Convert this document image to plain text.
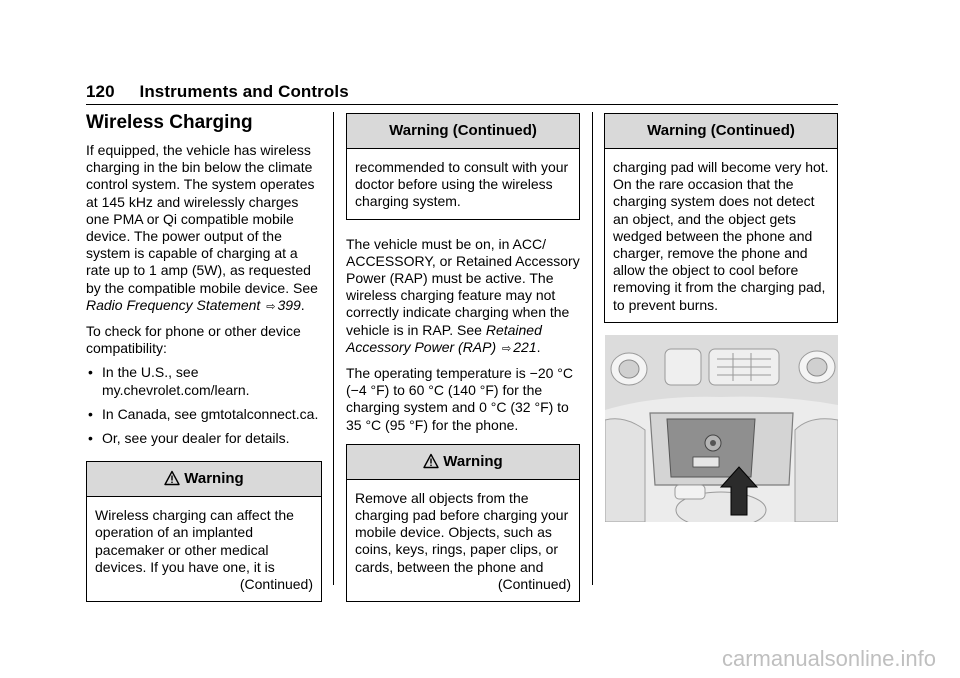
120 Instruments and Controls
Wireless Charging

If equipped, the vehicle has wireless charging in the bin below the climate control system. The system operates at 145 kHz and wirelessly charges one PMA or Qi compatible mobile device. The power output of the system is capable of charging at a rate up to 1 amp (5W), as requested by the compatible mobile device. See Radio Frequency Statement ⇨ 399.

To check for phone or other device compatibility:

• In the U.S., see my.chevrolet.com/learn.
• In Canada, see gmtotalconnect.ca.
• Or, see your dealer for details.
Warning

Wireless charging can affect the operation of an implanted pacemaker or other medical devices. If you have one, it is

(Continued)
Warning (Continued)

recommended to consult with your doctor before using the wireless charging system.

The vehicle must be on, in ACC/ ACCESSORY, or Retained Accessory Power (RAP) must be active. The wireless charging feature may not correctly indicate charging when the vehicle is in RAP. See Retained Accessory Power (RAP) ⇨ 221.

The operating temperature is −20 °C (−4 °F) to 60 °C (140 °F) for the charging system and 0 °C (32 °F) to 35 °C (95 °F) for the phone.

Warning

Remove all objects from the charging pad before charging your mobile device. Objects, such as coins, keys, rings, paper clips, or cards, between the phone and

(Continued)
Warning (Continued)

charging pad will become very hot. On the rare occasion that the charging system does not detect an object, and the object gets wedged between the phone and charger, remove the phone and allow the object to cool before removing it from the charging pad, to prevent burns.

carmanualsonline.info
